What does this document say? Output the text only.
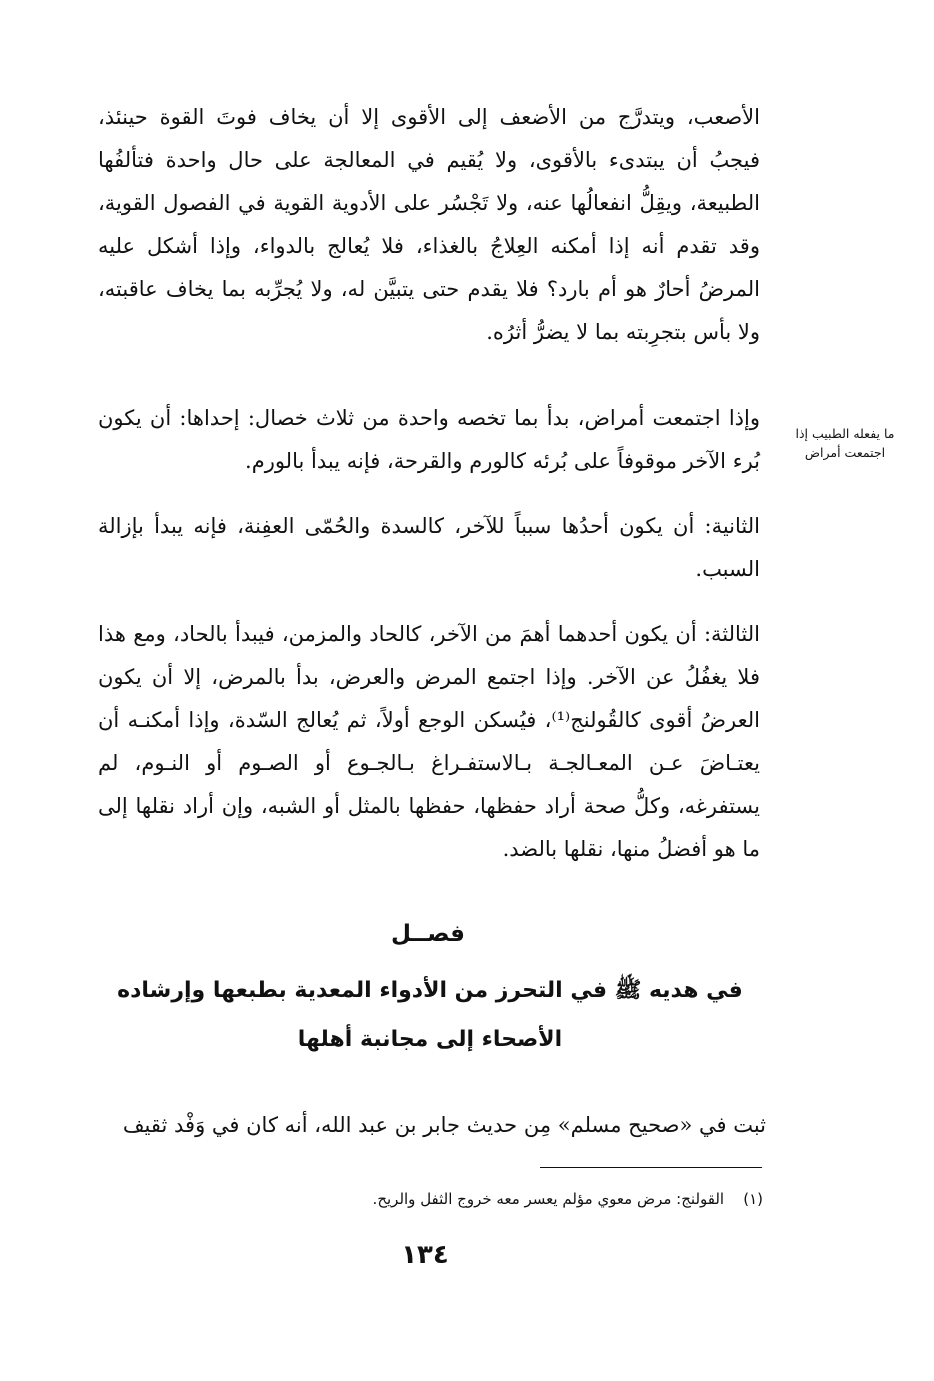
الأصعب، ويتدرَّج من الأضعف إلى الأقوى إلا أن يخاف فوتَ القوة حينئذ، فيجبُ أن يبتدىء بالأقوى، ولا يُقيم في المعالجة على حال واحدة فتألفُها الطبيعة، ويقِلُّ انفعالُها عنه، ولا تَجْسُر على الأدوية القوية في الفصول القوية، وقد تقدم أنه إذا أمكنه العِلاجُ بالغذاء، فلا يُعالج بالدواء، وإذا أشكل عليه المرضُ أحارٌ هو أم بارد؟ فلا يقدم حتى يتبيَّن له، ولا يُجرِّبه بما يخاف عاقبته، ولا بأس بتجرِبته بما لا يضرُّ أثرُه.

ما يفعله الطبيب إذا اجتمعت أمراض

وإذا اجتمعت أمراض، بدأ بما تخصه واحدة من ثلاث خصال: إحداها: أن يكون بُرء الآخر موقوفاً على بُرئه كالورم والقرحة، فإنه يبدأ بالورم.

الثانية: أن يكون أحدُها سبباً للآخر، كالسدة والحُمّى العفِنة، فإنه يبدأ بإزالة السبب.

الثالثة: أن يكون أحدهما أهمَ من الآخر، كالحاد والمزمن، فيبدأ بالحاد، ومع هذا فلا يغفُلُ عن الآخر. وإذا اجتمع المرض والعرض، بدأ بالمرض، إلا أن يكون العرضُ أقوى كالقُولنج⁽¹⁾، فيُسكن الوجع أولاً، ثم يُعالج السّدة، وإذا أمكنـه أن يعتـاضَ عـن المعـالجـة بـالاستفـراغ بـالجـوع أو الصـوم أو النـوم، لم يستفرغه، وكلُّ صحة أراد حفظها، حفظها بالمثل أو الشبه، وإن أراد نقلها إلى ما هو أفضلُ منها، نقلها بالضد.

فصــل
في هديه ﷺ في التحرز من الأدواء المعدية بطبعها وإرشاده
الأصحاء إلى مجانبة أهلها

ثبت في «صحيح مسلم» مِن حديث جابر بن عبد الله، أنه كان في وَفْد ثقيف

(١)    القولنج: مرض معوي مؤلم يعسر معه خروج الثفل والريح.
١٣٤
